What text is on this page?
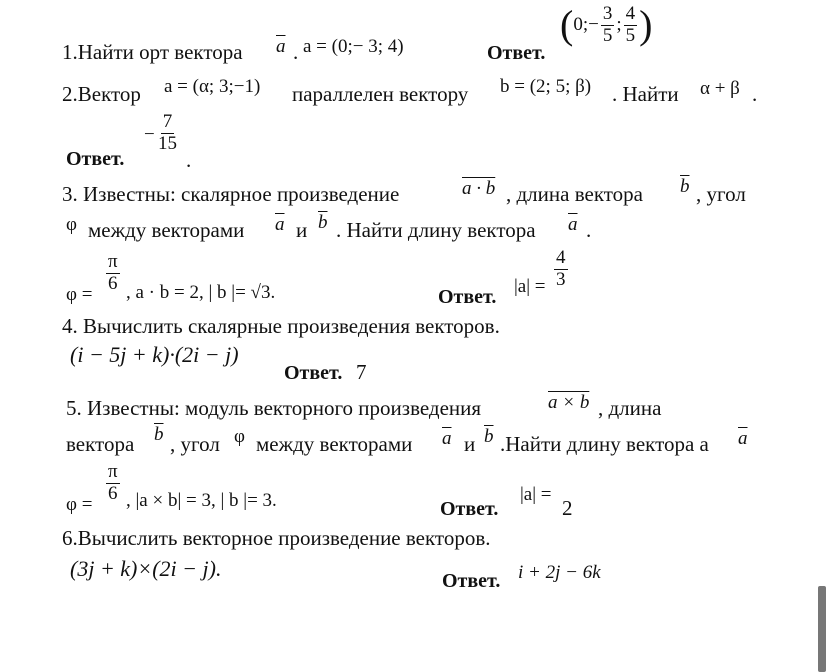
1.Найти орт вектора $\overline{a}$ . a = (0;− 3; 4)	Ответ.
( 0;− $\frac{3}{5}$ ; $\frac{4}{5}$ )
2.Вектор a = (α; 3;−1) параллелен вектору b = (2; 5; β) . Найти α + β .
Ответ.
− $\frac{7}{15}$
.
3. Известны: скалярное произведение	a · b , длина вектора $\overline{b}$ , угол
φ между векторами $\overline{a}$ и $\overline{b}$ . Найти длину вектора $\overline{a}$ .
$\varphi = \frac{\pi}{6}$ , a · b = 2, | b |= √3.	Ответ. $|a| = \frac{4}{3}$
4. Вычислить скалярные произведения векторов.
(i − 5j + k)·(2i − j)
Ответ. 7
5. Известны: модуль векторного произведения	a × b , длина
вектора $\overline{b}$ , угол φ между векторами $\overline{a}$ и $\overline{b}$ .Найти длину вектора a $\overline{a}$
$\varphi = \frac{\pi}{6}$ , |a × b| = 3, | b |= 3.	Ответ.
|a| =
2
6.Вычислить векторное произведение векторов.
(3j + k)×(2i − j).	Ответ. i + 2j − 6k
